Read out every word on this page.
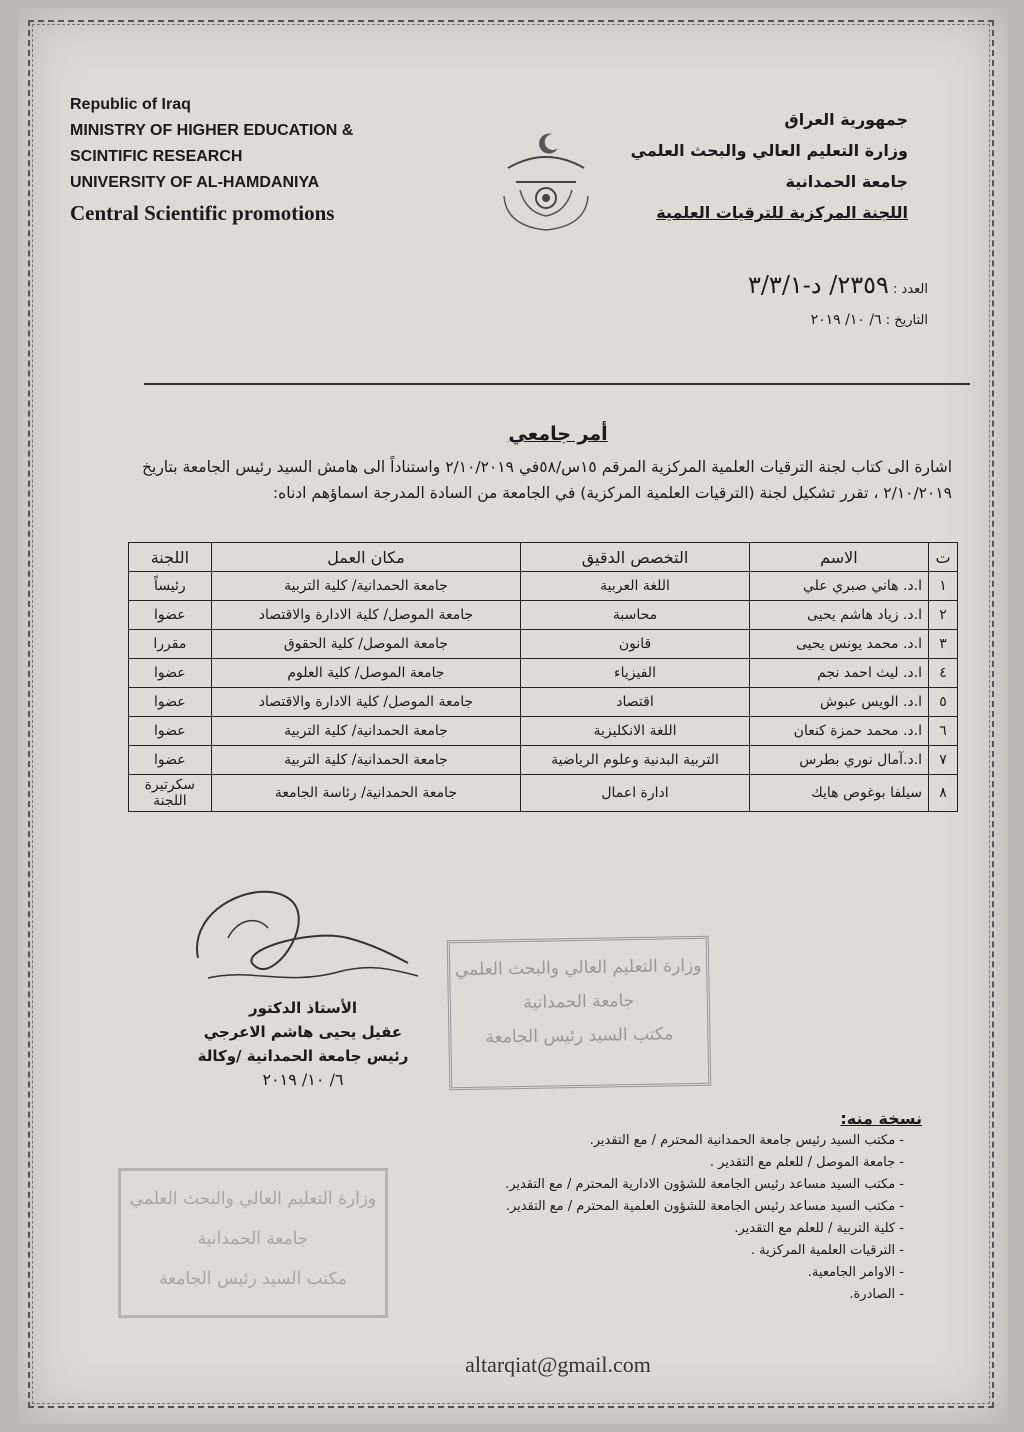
Republic of Iraq
MINISTRY OF HIGHER EDUCATION &
SCINTIFIC RESEARCH
UNIVERSITY OF AL-HAMDANIYA
Central Scientific promotions
جمهورية العراق
وزارة التعليم العالي والبحث العلمي
جامعة الحمدانية
اللجنة المركزية للترقيات العلمية
العدد : ٢٣٥٩/ د-٣/٣/١
التاريخ : ٦/ ١٠/ ٢٠١٩
أمر جامعي
اشارة الى كتاب لجنة الترقيات العلمية المركزية المرقم ١٥س/٥٨في ٢/١٠/٢٠١٩ واستناداً الى هامش السيد رئيس الجامعة بتاريخ ٢/١٠/٢٠١٩ ، تقرر تشكيل لجنة (الترقيات العلمية المركزية) في الجامعة من السادة المدرجة اسماؤهم ادناه:
ت	الاسم	التخصص الدقيق	مكان العمل	اللجنة
١	ا.د. هاني صبري علي	اللغة العربية	جامعة الحمدانية/ كلية التربية	رئيساً
٢	ا.د. زياد هاشم يحيى	محاسبة	جامعة الموصل/ كلية الادارة والاقتصاد	عضوا
٣	ا.د. محمد يونس يحيى	قانون	جامعة الموصل/ كلية الحقوق	مقررا
٤	ا.د. ليث احمد نجم	الفيزياء	جامعة الموصل/ كلية العلوم	عضوا
٥	ا.د. الويس عبوش	اقتصاد	جامعة الموصل/ كلية الادارة والاقتصاد	عضوا
٦	ا.د. محمد حمزة كنعان	اللغة الانكليزية	جامعة الحمدانية/ كلية التربية	عضوا
٧	ا.د.آمال نوري بطرس	التربية البدنية وعلوم الرياضية	جامعة الحمدانية/ كلية التربية	عضوا
٨	سيلفا بوغوص هايك	ادارة اعمال	جامعة الحمدانية/ رئاسة الجامعة	سكرتيرة اللجنة
وزارة التعليم العالي والبحث العلمي
جامعة الحمدانية
مكتب السيد رئيس الجامعة
الأستاذ الدكتور
عقيل يحيى هاشم الاعرجي
رئيس جامعة الحمدانية /وكالة
٦/ ١٠/ ٢٠١٩
نسخة منه:
- مكتب السيد رئيس جامعة الحمدانية المحترم / مع التقدير.
- جامعة الموصل / للعلم مع التقدير .
- مكتب السيد مساعد رئيس الجامعة للشؤون الادارية المحترم / مع التقدير.
- مكتب السيد مساعد رئيس الجامعة للشؤون العلمية المحترم / مع التقدير.
- كلية التربية / للعلم مع التقدير.
- الترقيات العلمية المركزية .
- الاوامر الجامعية.
- الصادرة.
وزارة التعليم العالي والبحث العلمي
جامعة الحمدانية
مكتب السيد رئيس الجامعة
altarqiat@gmail.com
